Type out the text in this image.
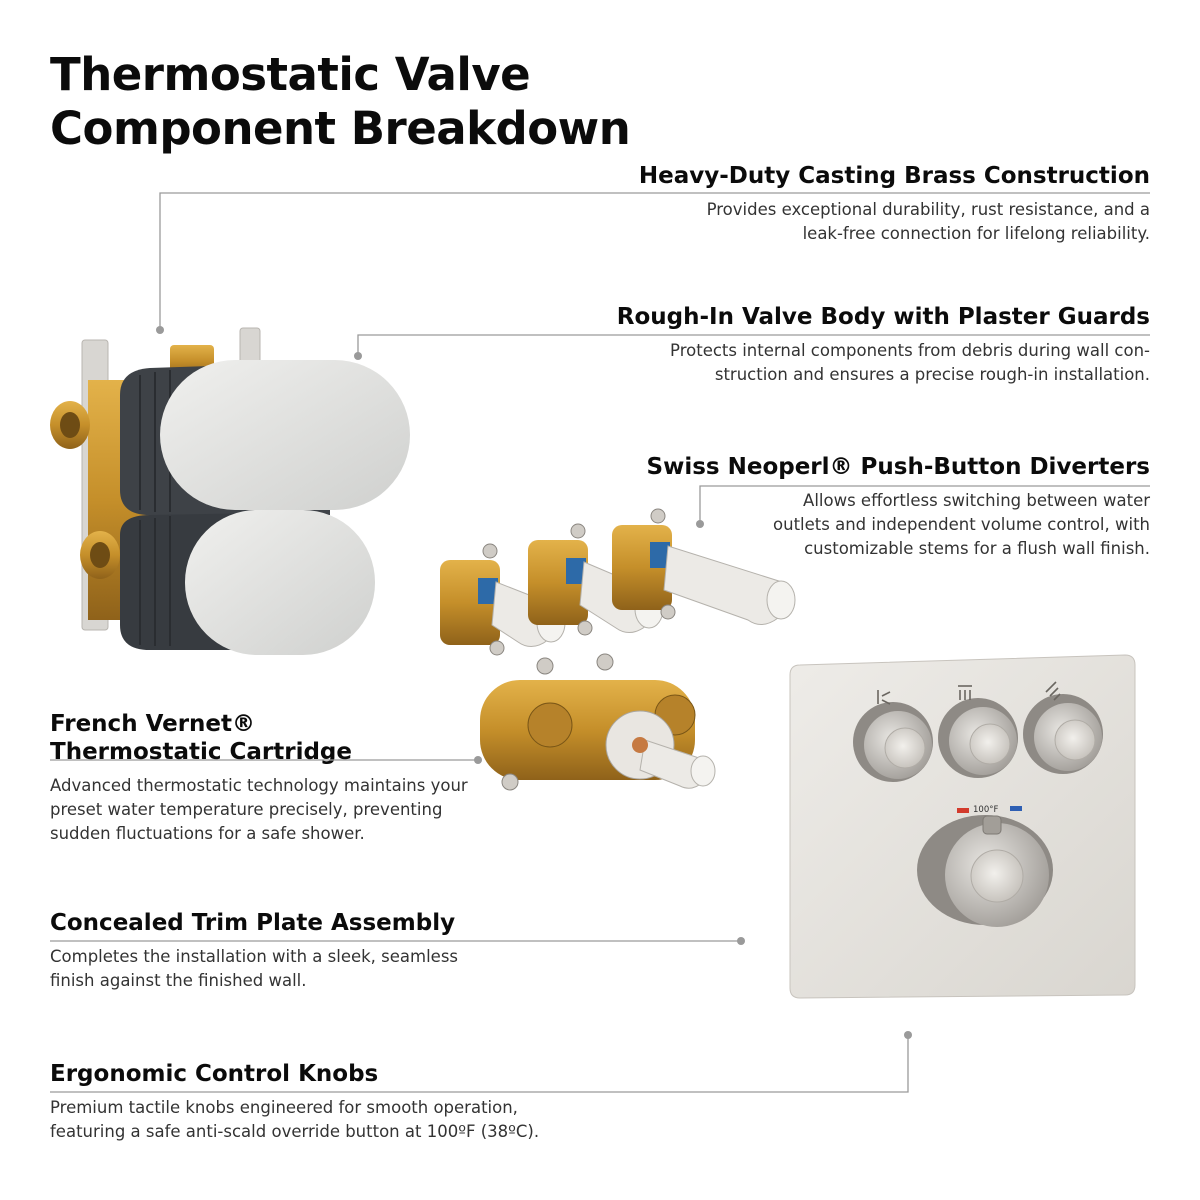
Thermostatic Valve
Component Breakdown
Heavy-Duty Casting Brass Construction

Provides exceptional durability, rust resistance, and a
leak-free connection for lifelong reliability.

Rough-In Valve Body with Plaster Guards

Protects internal components from debris during wall con-
struction and ensures a precise rough-in installation.

Swiss Neoperl® Push-Button Diverters

Allows effortless switching between water
outlets and independent volume control, with
customizable stems for a flush wall finish.

French Vernet®
Thermostatic Cartridge

Advanced thermostatic technology maintains your
preset water temperature precisely, preventing
sudden fluctuations for a safe shower.

Concealed Trim Plate Assembly

Completes the installation with a sleek, seamless
finish against the finished wall.

Ergonomic Control Knobs

Premium tactile knobs engineered for smooth operation,
featuring a safe anti-scald override button at 100ºF (38ºC).

100°F
